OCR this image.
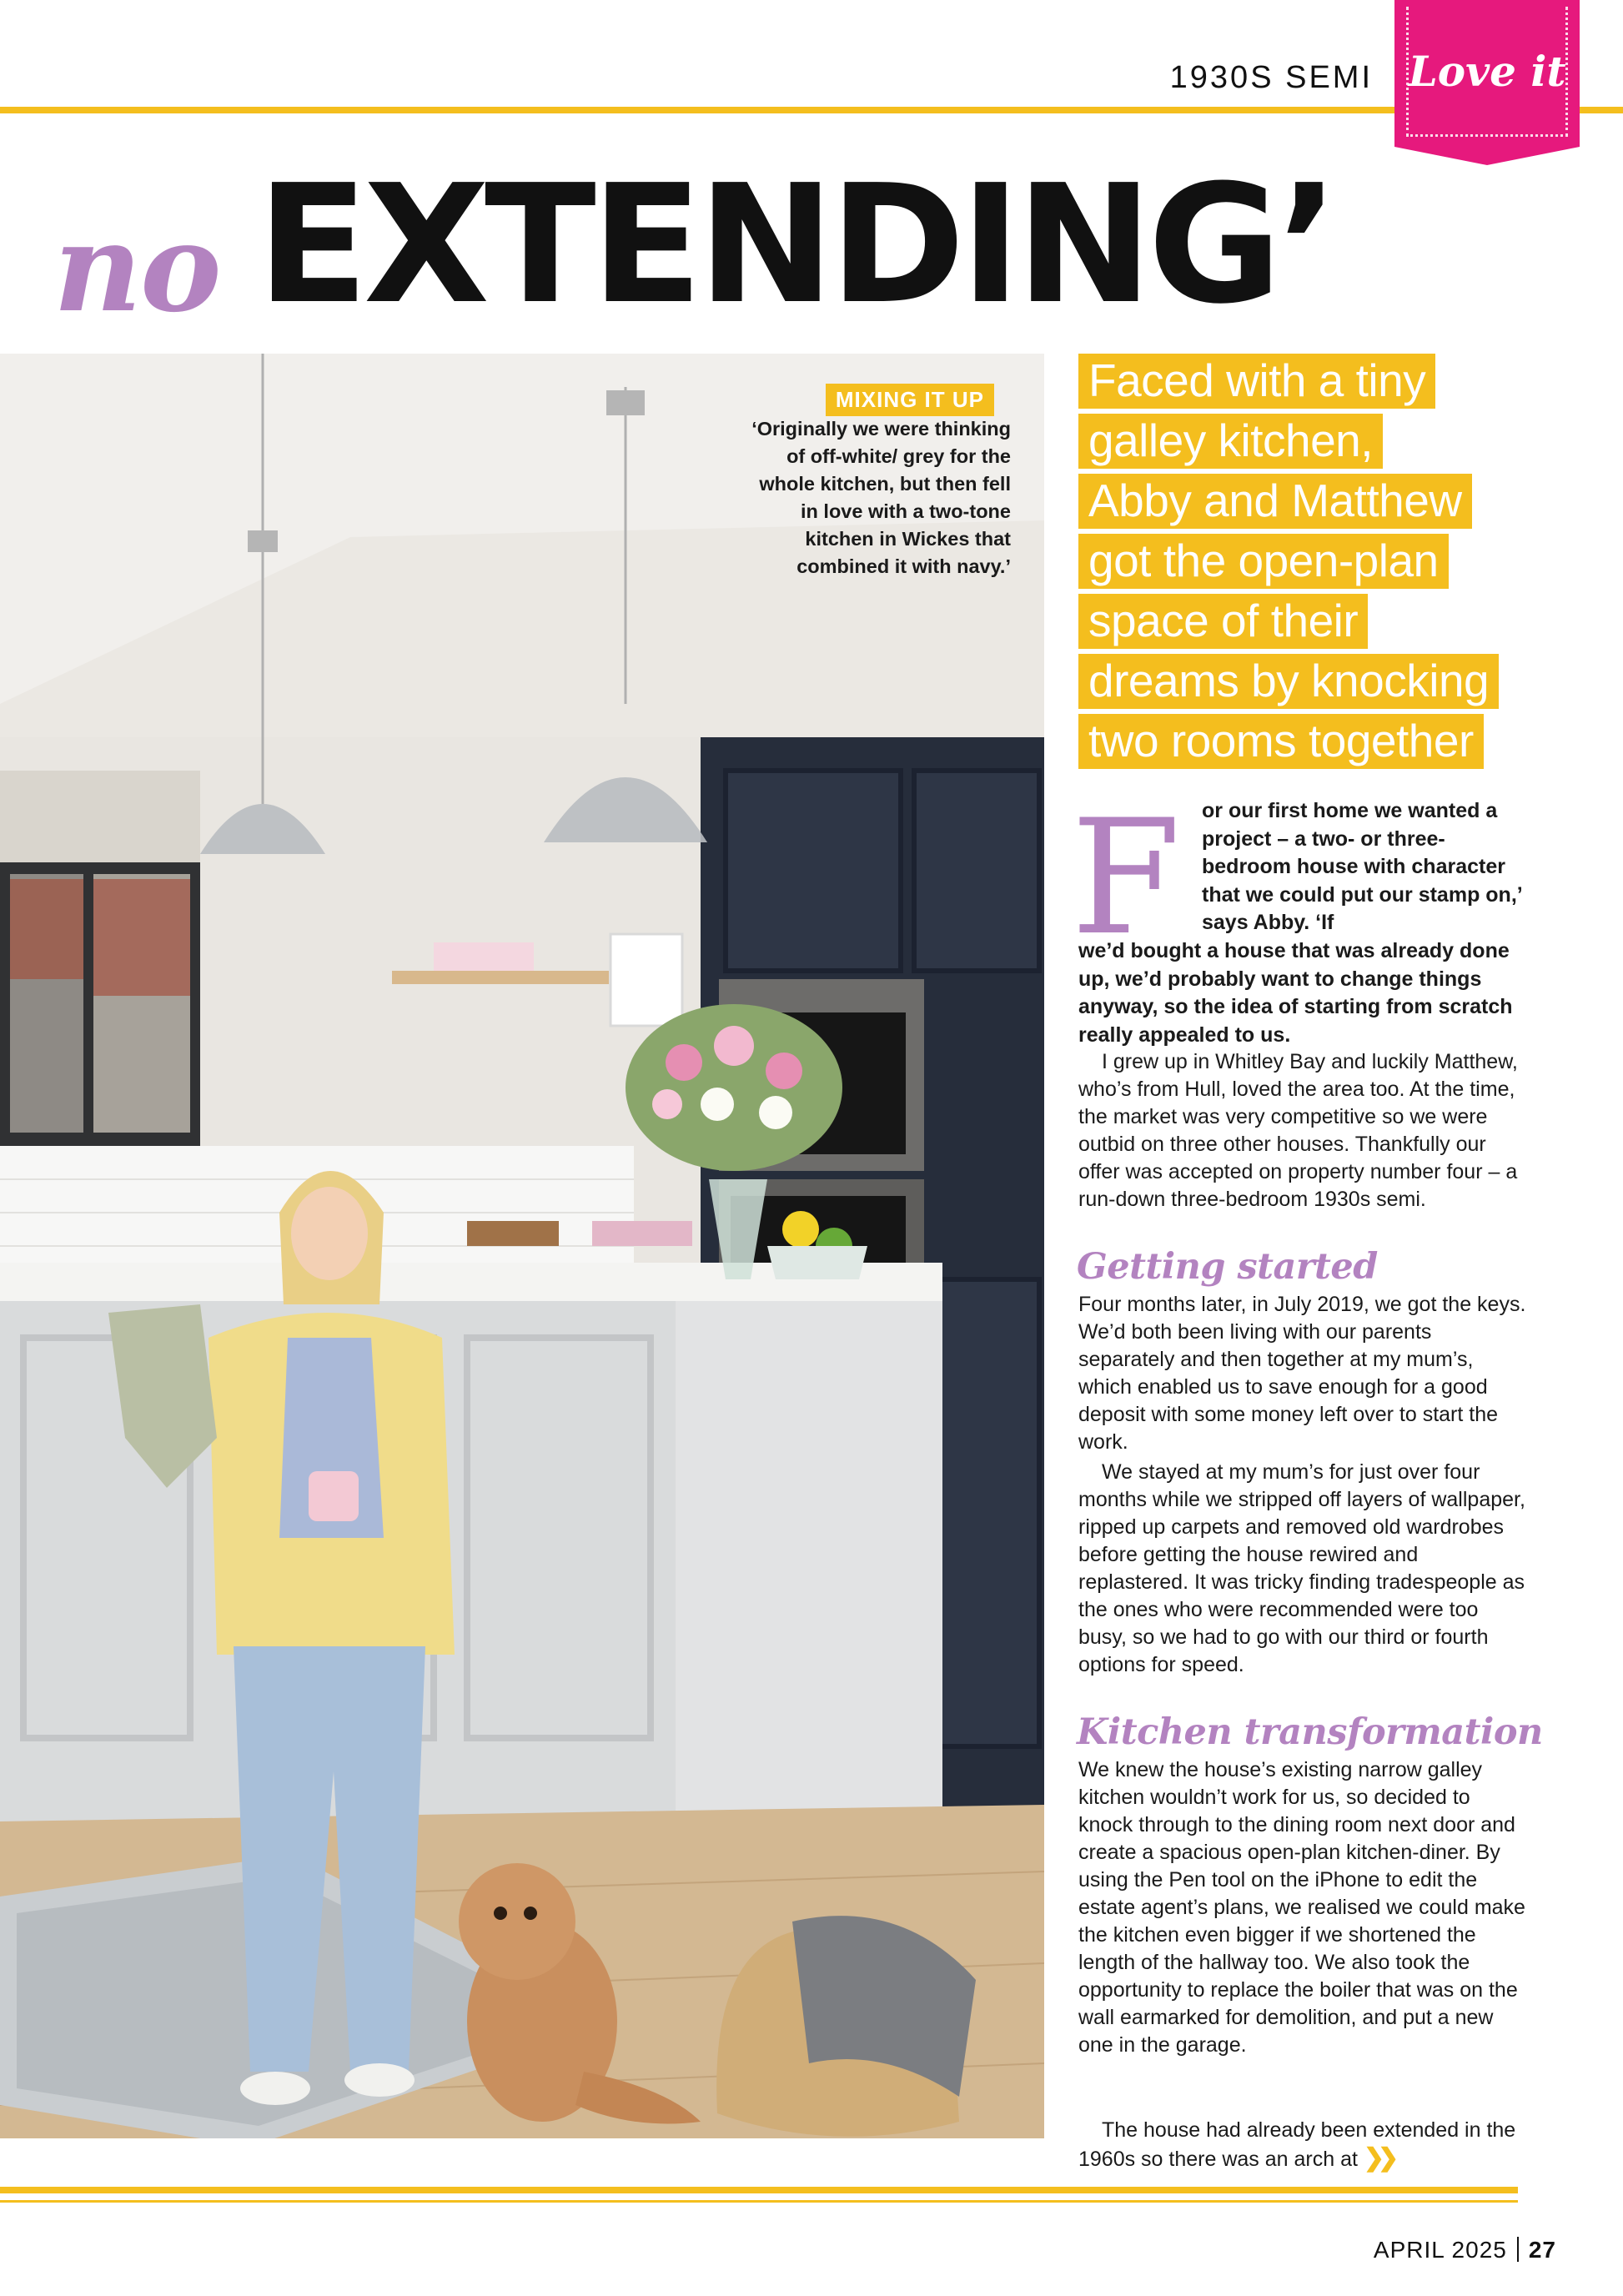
1930S SEMI Love it
no EXTENDING’
MIXING IT UP
‘Originally we were thinking of off-white/ grey for the whole kitchen, but then fell in love with a two-tone kitchen in Wickes that combined it with navy.’
Faced with a tiny
galley kitchen,
Abby and Matthew
got the open-plan
space of their
dreams by knocking
two rooms together
F or our first home we wanted a project – a two- or three-bedroom house with character that we could put our stamp on,’ says Abby. ‘If
we’d bought a house that was already done up, we’d probably want to change things anyway, so the idea of starting from scratch really appealed to us.
I grew up in Whitley Bay and luckily Matthew, who’s from Hull, loved the area too. At the time, the market was very competitive so we were outbid on three other houses. Thankfully our offer was accepted on property number four – a run-down three-bedroom 1930s semi.
Getting started
Four months later, in July 2019, we got the keys. We’d both been living with our parents separately and then together at my mum’s, which enabled us to save enough for a good deposit with some money left over to start the work.
We stayed at my mum’s for just over four months while we stripped off layers of wallpaper, ripped up carpets and removed old wardrobes before getting the house rewired and replastered. It was tricky finding tradespeople as the ones who were recommended were too busy, so we had to go with our third or fourth options for speed.
Kitchen transformation
We knew the house’s existing narrow galley kitchen wouldn’t work for us, so decided to knock through to the dining room next door and create a spacious open-plan kitchen-diner. By using the Pen tool on the iPhone to edit the estate agent’s plans, we realised we could make the kitchen even bigger if we shortened the length of the hallway too. We also took the opportunity to replace the boiler that was on the wall earmarked for demolition, and put a new one in the garage.
The house had already been extended in the 1960s so there was an arch at ❯❯
APRIL 2025 27
